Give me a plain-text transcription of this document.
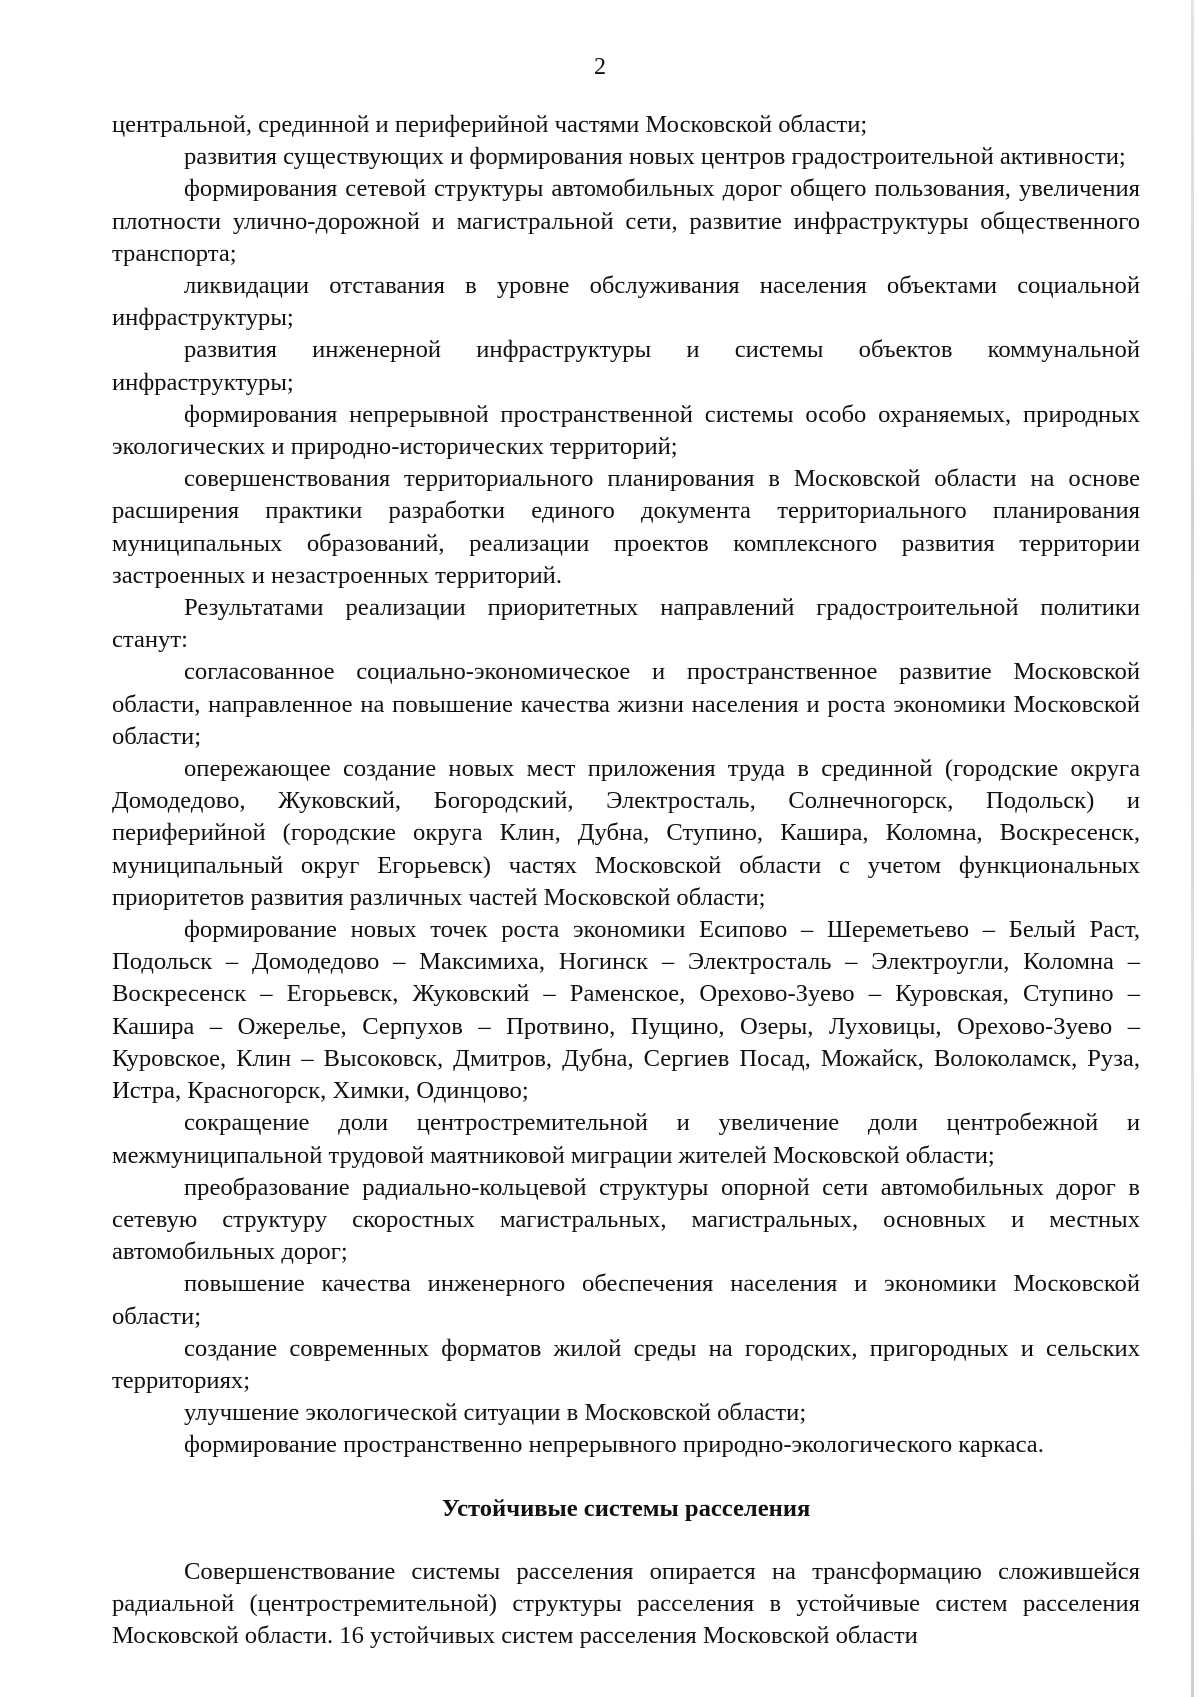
2

центральной, срединной и периферийной частями Московской области;

развития существующих и формирования новых центров градостроительной активности;

формирования сетевой структуры автомобильных дорог общего пользования, увеличения плотности улично-дорожной и магистральной сети, развитие инфраструктуры общественного транспорта;

ликвидации отставания в уровне обслуживания населения объектами социальной инфраструктуры;

развития инженерной инфраструктуры и системы объектов коммунальной инфраструктуры;

формирования непрерывной пространственной системы особо охраняемых, природных экологических и природно-исторических территорий;

совершенствования территориального планирования в Московской области на основе расширения практики разработки единого документа территориального планирования муниципальных образований, реализации проектов комплексного развития территории застроенных и незастроенных территорий.

Результатами реализации приоритетных направлений градостроительной политики станут:

согласованное социально-экономическое и пространственное развитие Московской области, направленное на повышение качества жизни населения и роста экономики Московской области;

опережающее создание новых мест приложения труда в срединной (городские округа Домодедово, Жуковский, Богородский, Электросталь, Солнечногорск, Подольск) и периферийной (городские округа Клин, Дубна, Ступино, Кашира, Коломна, Воскресенск, муниципальный округ Егорьевск) частях Московской области с учетом функциональных приоритетов развития различных частей Московской области;

формирование новых точек роста экономики Есипово – Шереметьево – Белый Раст, Подольск – Домодедово – Максимиха, Ногинск – Электросталь – Электроугли, Коломна – Воскресенск – Егорьевск, Жуковский – Раменское, Орехово-Зуево – Куровская, Ступино – Кашира – Ожерелье, Серпухов – Протвино, Пущино, Озеры, Луховицы, Орехово-Зуево – Куровское, Клин – Высоковск, Дмитров, Дубна, Сергиев Посад, Можайск, Волоколамск, Руза, Истра, Красногорск, Химки, Одинцово;

сокращение доли центростремительной и увеличение доли центробежной и межмуниципальной трудовой маятниковой миграции жителей Московской области;

преобразование радиально-кольцевой структуры опорной сети автомобильных дорог в сетевую структуру скоростных магистральных, магистральных, основных и местных автомобильных дорог;

повышение качества инженерного обеспечения населения и экономики Московской области;

создание современных форматов жилой среды на городских, пригородных и сельских территориях;

улучшение экологической ситуации в Московской области;

формирование пространственно непрерывного природно-экологического каркаса.

Устойчивые системы расселения

Совершенствование системы расселения опирается на трансформацию сложившейся радиальной (центростремительной) структуры расселения в устойчивые систем расселения Московской области. 16 устойчивых систем расселения Московской области
